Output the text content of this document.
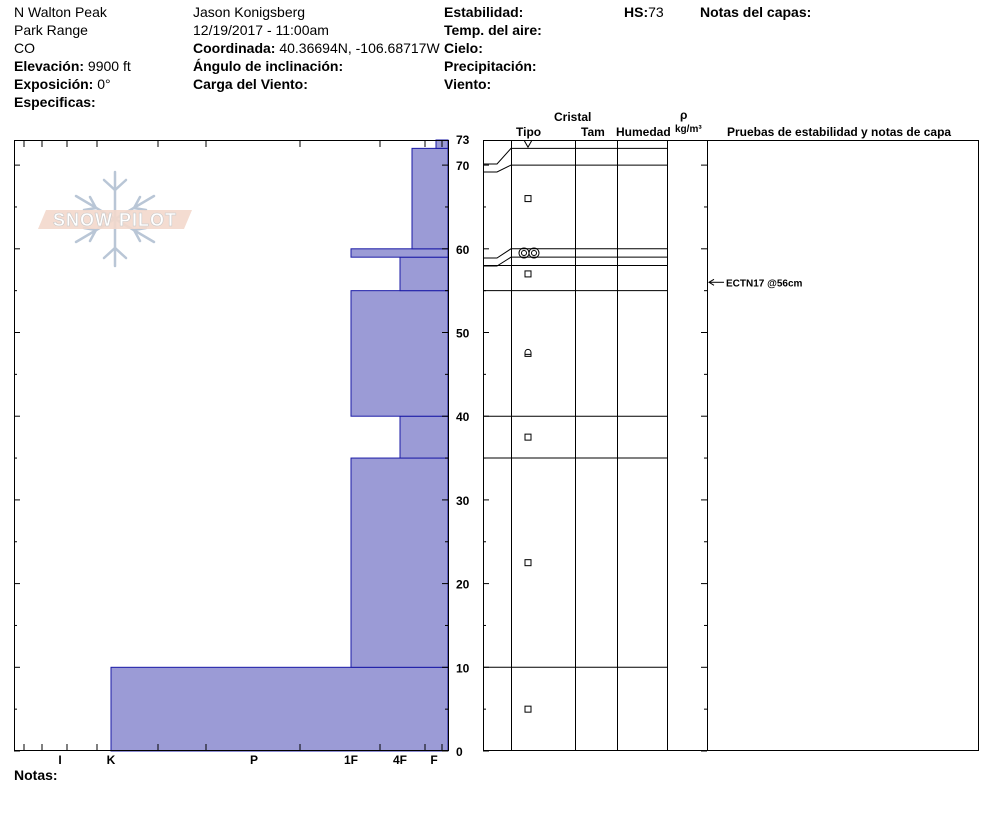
N Walton Peak
Park Range
CO
Elevación: 9900 ft
Exposición: 0°
Especificas:
Jason Konigsberg
12/19/2017 - 11:00am
Coordinada: 40.36694N, -106.68717W
Ángulo de inclinación:
Carga del Viento:
Estabilidad:
Temp. del aire:
Cielo:
Precipitación:
Viento:
HS:73	Notas del capas:
Cristal
Tipo	Tam Humedad
ρ
kg/m³ Pruebas de estabilidad y notas de capa
Notas:
SNOW PILOT
0
10
20
30
40
50
60
70
73
I	K	P	1F	4F F
ECTN17 @56cm
